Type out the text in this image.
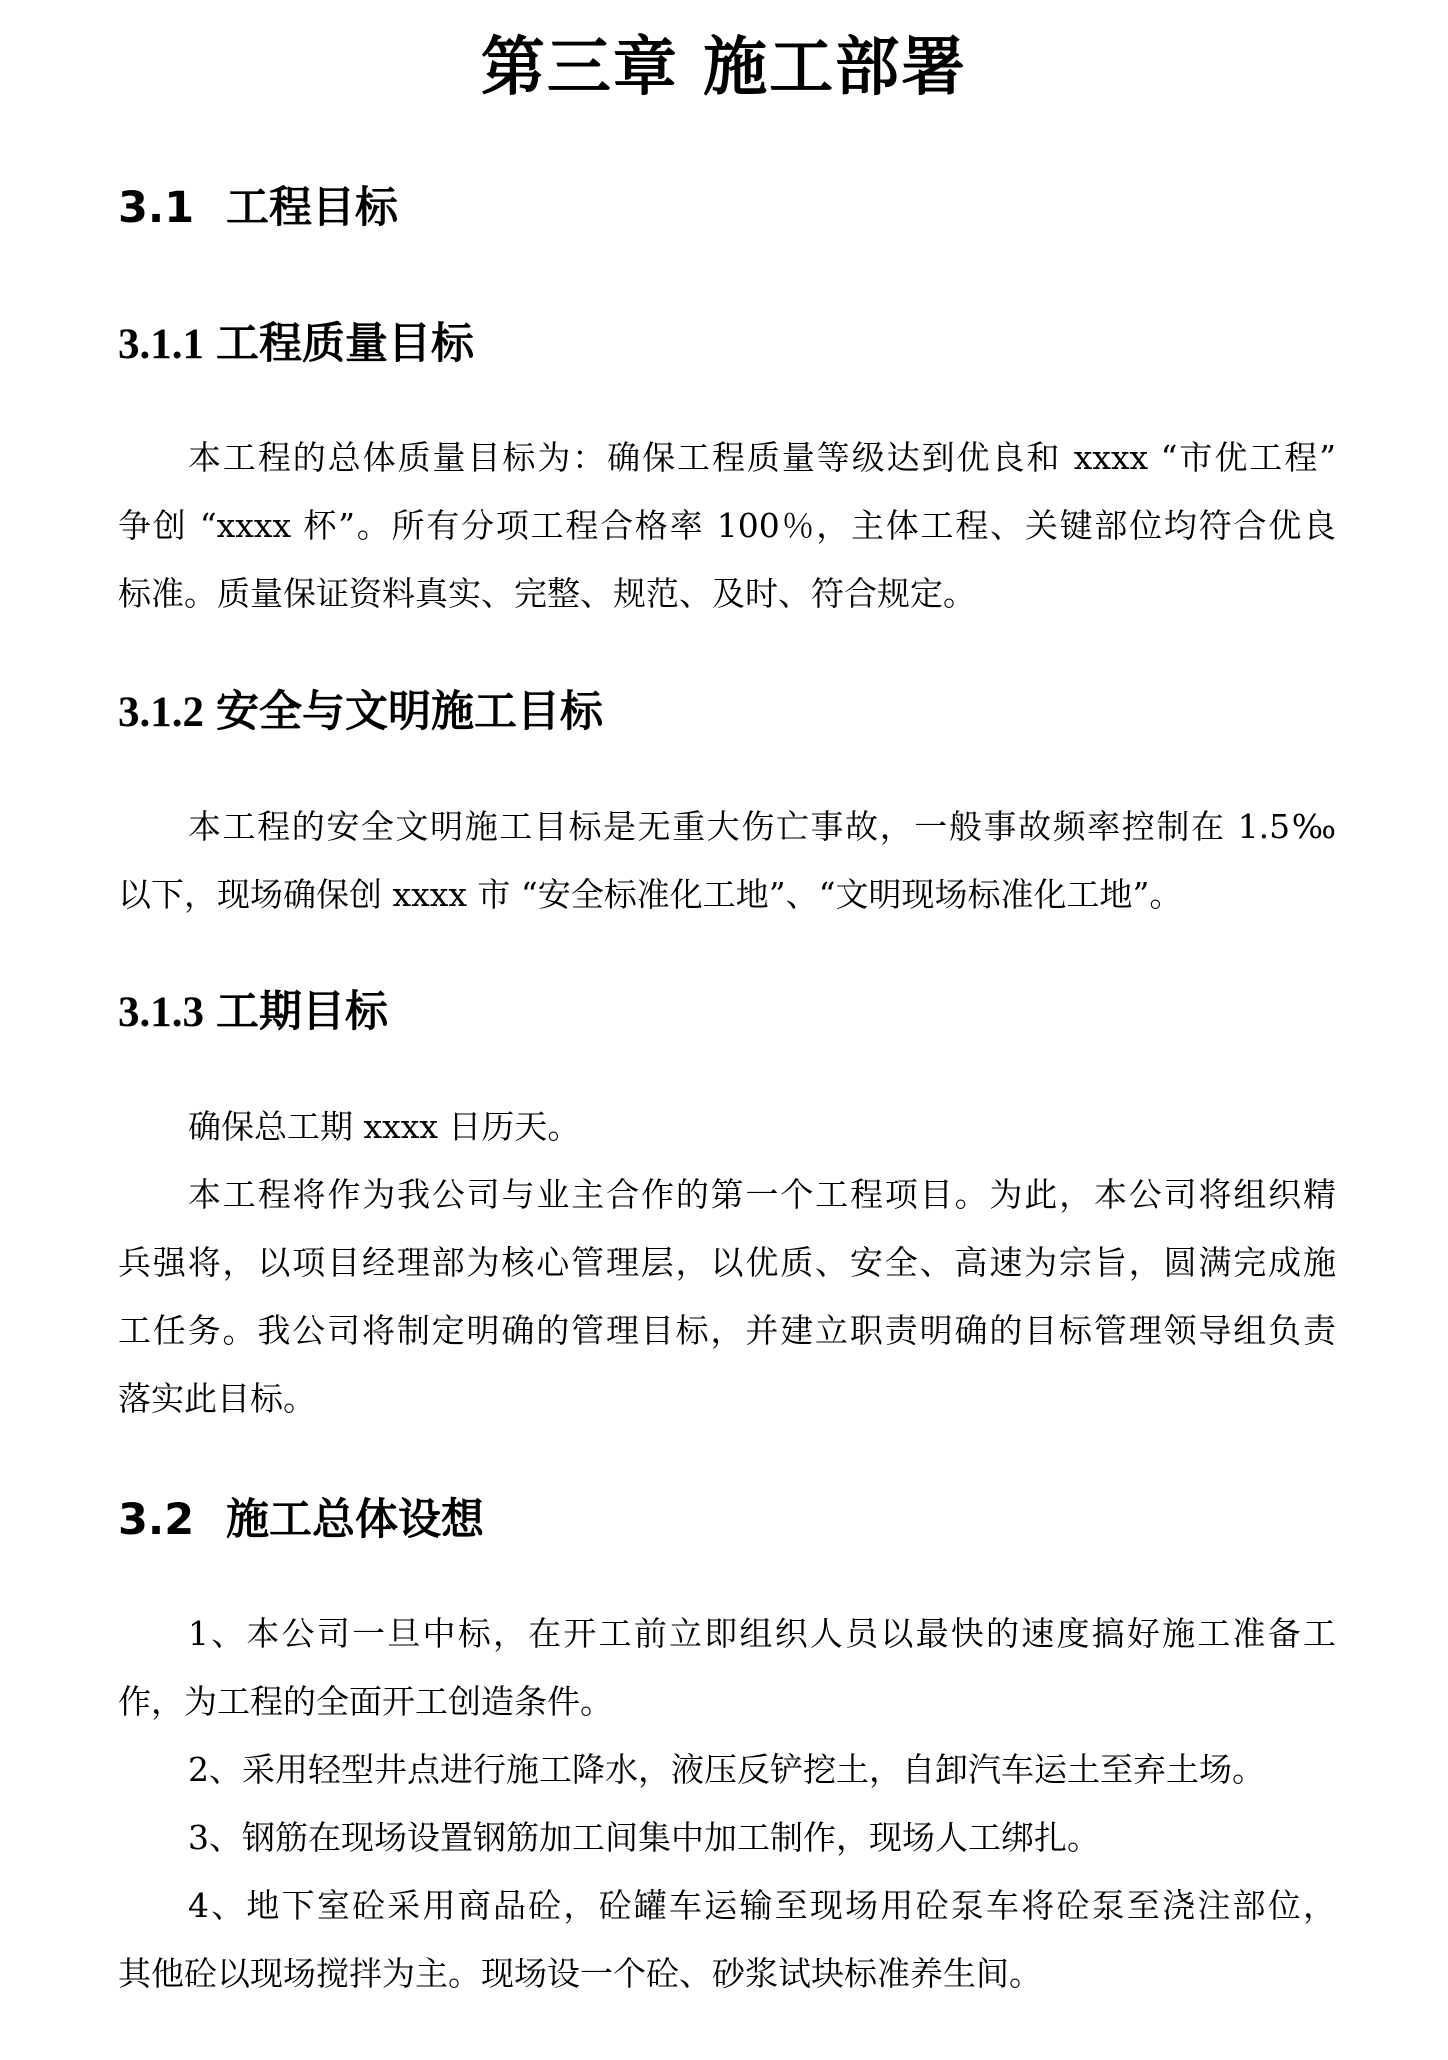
第三章 施工部署
3.1 工程目标
3.1.1 工程质量目标
本工程的总体质量目标为：确保工程质量等级达到优良和 xxxx “市优工程”
争创 “xxxx 杯”。所有分项工程合格率 100％，主体工程、关键部位均符合优良
标准。质量保证资料真实、完整、规范、及时、符合规定。
3.1.2 安全与文明施工目标
本工程的安全文明施工目标是无重大伤亡事故，一般事故频率控制在 1.5‰
以下，现场确保创 xxxx 市 “安全标准化工地”、“文明现场标准化工地”。
3.1.3 工期目标
确保总工期 xxxx 日历天。
本工程将作为我公司与业主合作的第一个工程项目。为此，本公司将组织精
兵强将，以项目经理部为核心管理层，以优质、安全、高速为宗旨，圆满完成施
工任务。我公司将制定明确的管理目标，并建立职责明确的目标管理领导组负责
落实此目标。
3.2 施工总体设想
1、本公司一旦中标，在开工前立即组织人员以最快的速度搞好施工准备工
作，为工程的全面开工创造条件。
2、采用轻型井点进行施工降水，液压反铲挖土，自卸汽车运土至弃土场。
3、钢筋在现场设置钢筋加工间集中加工制作，现场人工绑扎。
4、地下室砼采用商品砼，砼罐车运输至现场用砼泵车将砼泵至浇注部位，
其他砼以现场搅拌为主。现场设一个砼、砂浆试块标准养生间。
